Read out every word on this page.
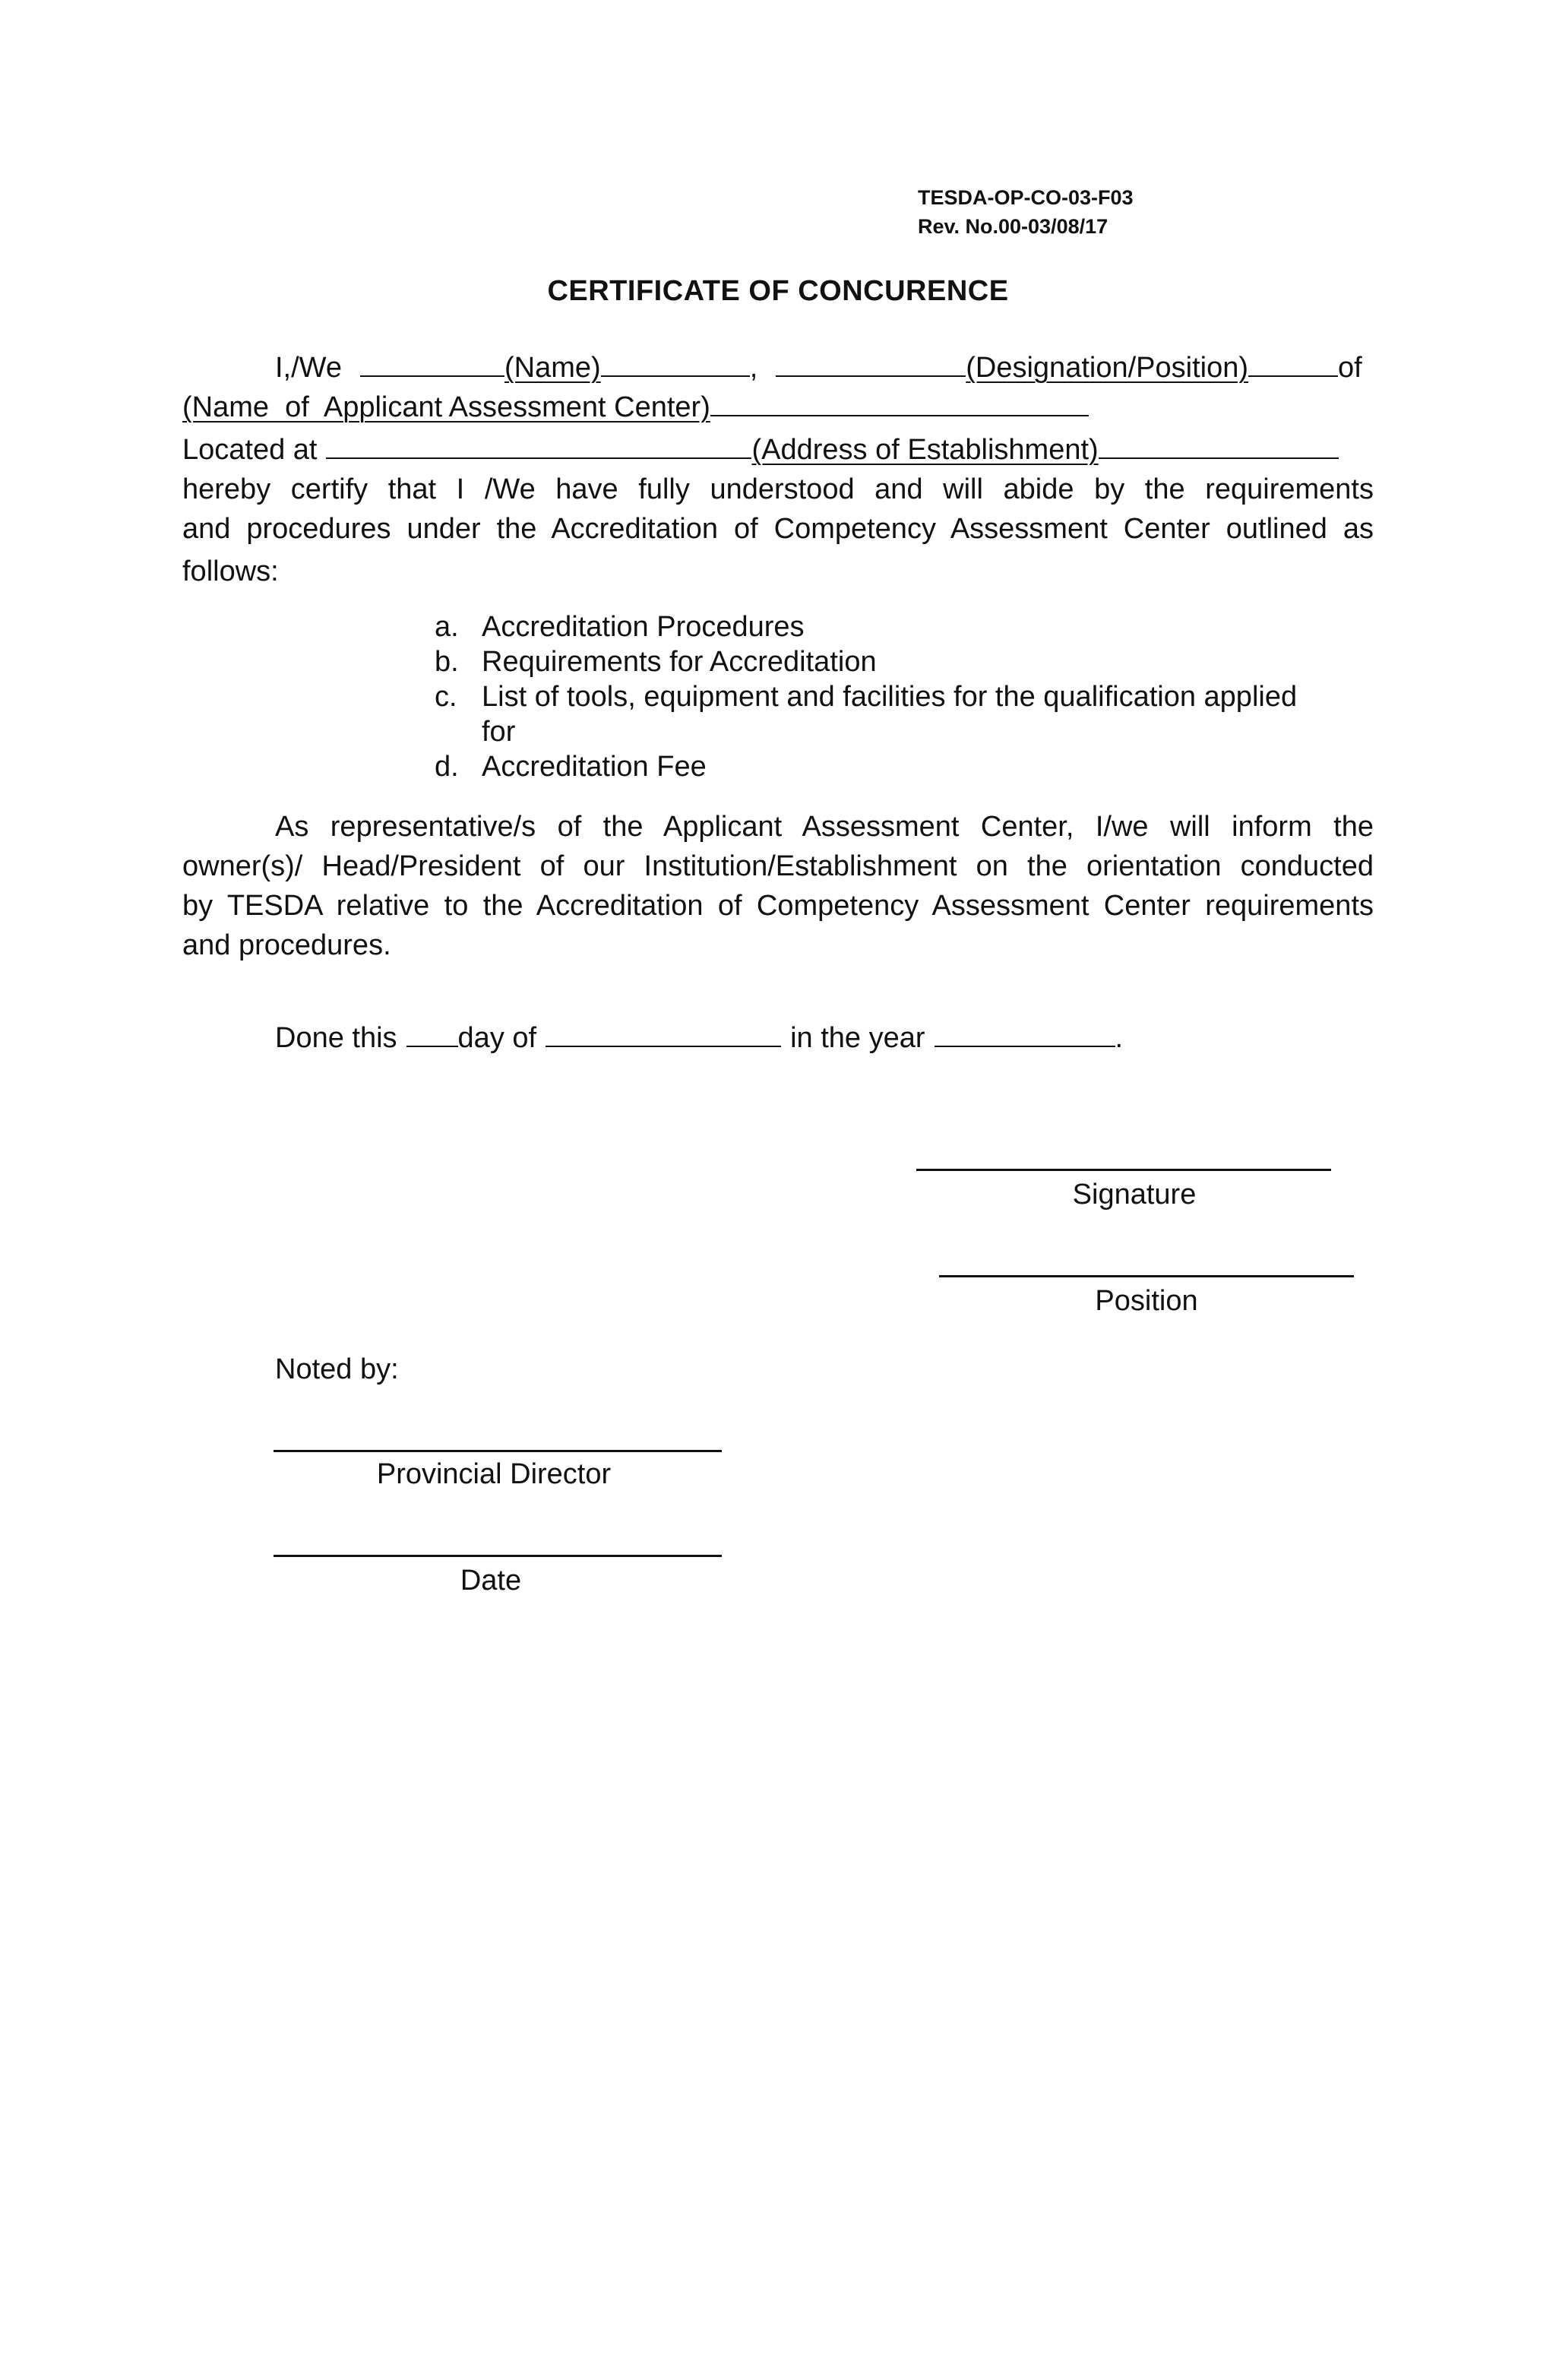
TESDA-OP-CO-03-F03
Rev. No.00-03/08/17
CERTIFICATE OF CONCURENCE
I,/We	(Name)	,	(Designation/Position)	of
(Name  of  Applicant Assessment Center)
Located at	(Address of Establishment)
hereby certify that I /We have fully understood and will abide by the requirements
and procedures under the Accreditation of Competency Assessment Center outlined as
follows:
a. Accreditation Procedures
b. Requirements for Accreditation
c. List of tools, equipment and facilities for the qualification applied
for
d. Accreditation Fee
As representative/s of the Applicant Assessment Center, I/we will inform the
owner(s)/ Head/President of our Institution/Establishment on the orientation conducted
by TESDA relative to the Accreditation of Competency Assessment Center requirements
and procedures.
Done this day of	in the year	.
Signature
Position
Noted by:
Provincial Director
Date
